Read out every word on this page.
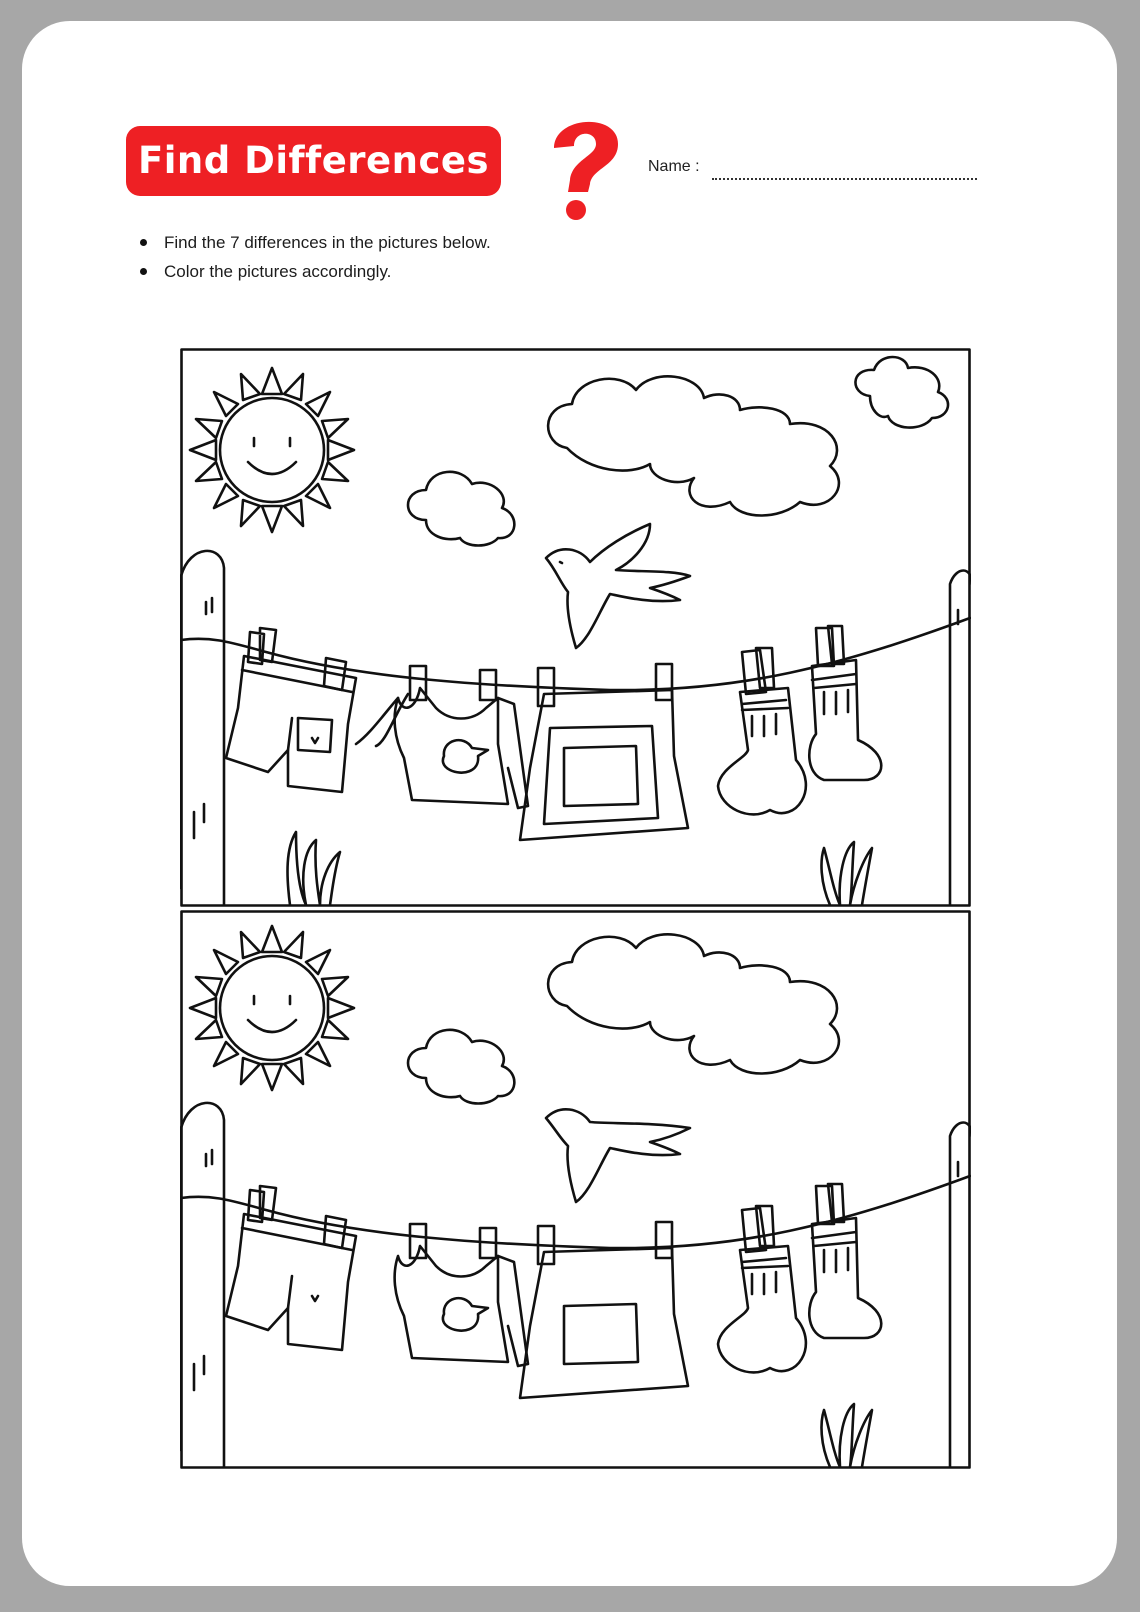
Find Differences	Name :
Find the 7 differences in the pictures below.
Color the pictures accordingly.
